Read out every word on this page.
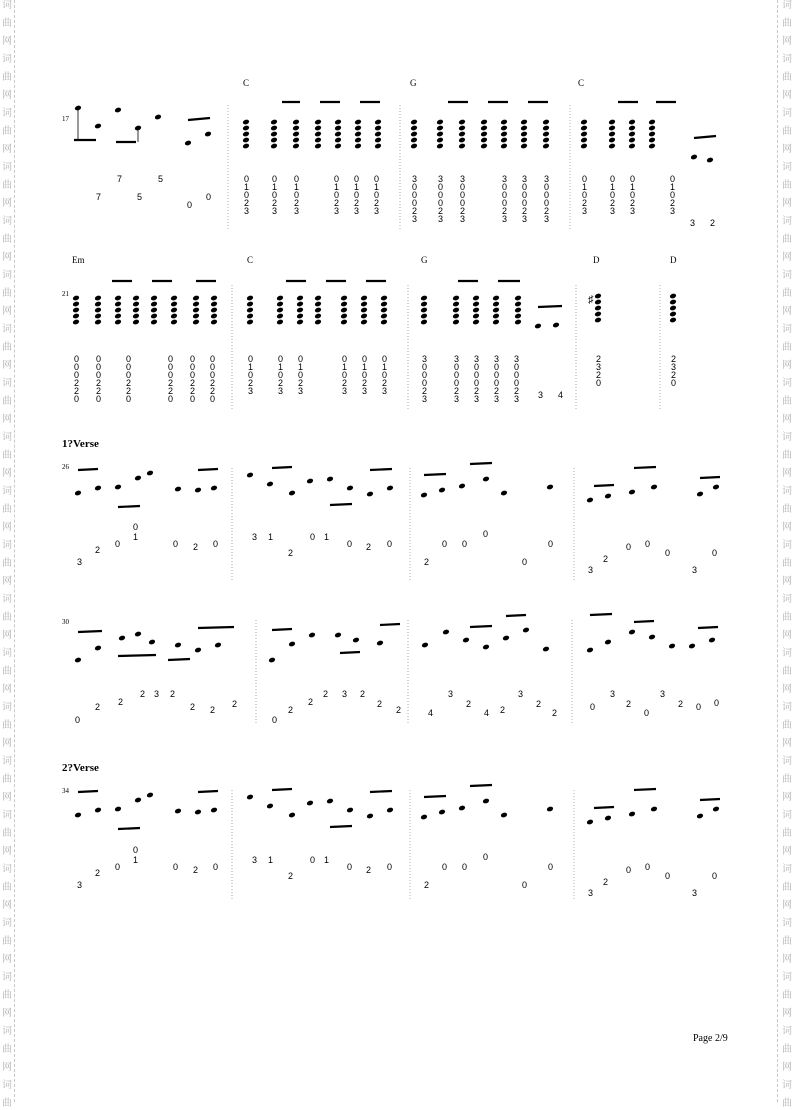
词
曲
网
词
曲
网
词
曲
网
词
曲
网
词
曲
网
词
曲
网
词
曲
网
词
曲
网
词
曲
网
词
曲
网
词
曲
网
词
曲
网
词
曲
网
词
曲
网
词
曲
网
词
曲
网
词
曲
网
词
曲
网
词
曲
网
词
曲
网
词
曲
词
曲
网
词
曲
网
词
曲
网
词
曲
网
词
曲
网
词
曲
网
词
曲
网
词
曲
网
词
曲
网
词
曲
网
词
曲
网
词
曲
网
词
曲
网
词
曲
网
词
曲
网
词
曲
网
词
曲
网
词
曲
网
词
曲
网
词
曲
网
词
曲
17
C	G	C
21
Em	C	G	D	D
1?Verse
26
30
2?Verse
34
Page 2/9
7	5
7	5
0
0
0
1
0
2
3
0
1
0
2
3
0
1
0
2
3
0
1
0
2
3
0
1
0
2
3
0
1
0
2
3
3
0
0
0
2
3
3
0
0
0
2
3
3
0
0
0
2
3
3
0
0
0
2
3
3
0
0
0
2
3
3
0
0
0
2
3
0
1
0
2
3
0
1
0
2
3
0
1
0
2
3
0
1
0
2
3
3 2
♯
0
0
0
2
2
0
0
0
0
2
2
0
0
0
0
2
2
0
0
0
0
2
2
0
0
0
0
2
2
0
0
0
0
2
2
0
0
1
0
2
3
0
1
0
2
3
0
1
0
2
3
0
1
0
2
3
0
1
0
2
3
0
1
0
2
3
3
0
0
0
2
3
3
0
0
0
2
3
3
0
0
0
2
3
3
0
0
0
2
3
3
0
0
0
2
3
2
3
2
0
2
3
2
0
3 4
0
1
2
0	0 2 0
3
3 1	0 1
2
0 2 0
2
0 0
0
0
0
3
2
0 0
0
3
0
0
2 2
2 3 2
2 2
2
0
2
2
2 3 2
2
2	4
3
2
4 2
3
2
2
0
3
2
0
3
2 0 0
0
1
2
0	0 2 0
3
3 1	0 1
2
0 2 0
2
0 0
0
0
0
3
2
0 0
0
3
0
